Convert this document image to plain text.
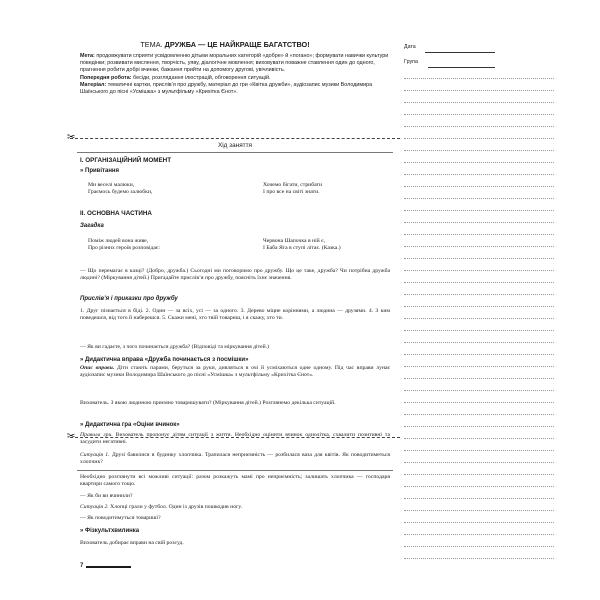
ТЕМА. ДРУЖБА — ЦЕ НАЙКРАЩЕ БАГАТСТВО!

Мета: продовжувати сприяти усвідомленню дітьми моральних категорій «добре» й «погано»; формувати навички культури поведінки; розвивати мислення, творчість, уяву, діалогічне мовлення; виховувати поважне ставлення один до одного, прагнення робити добрі вчинки, бажання прийти на допомогу другові, увічливість.

Попередня робота: бесіди, розглядання ілюстрацій, обговорення ситуацій.

Матеріал: тематичні картки, прислів’я про дружбу, матеріал до гри «Квітка дружби», аудіозапис музики Володимира Шаїнського до пісні «Усмішка» з мультфільму «Крихітка Єнот».

✂
✂
Дата
Група
Хід заняття
І. ОРГАНІЗАЦІЙНИЙ МОМЕНТ
» Привітання
Ми веселі малюки,
Граємось будемо залюбки,
Хочемо бігати, стрибати
І про все на світі знати.
ІІ. ОСНОВНА ЧАСТИНА
Загадка
Поміж людей вона живе,
Про різних героїв розповідає:
Червона Шапочка в ній є,
І Баба Яга в ступі літає. (Казка.)
— Що перемагає в казці? (Добро, дружба.) Сьогодні ми поговоримо про дружбу. Що це таке, дружба? Чи потрібна дружба людині? (Міркування дітей.) Пригадайте прислів’я про дружбу, поясніть їхнє значення.
Прислів’я і приказки про дружбу
1. Друг пізнається в біді. 2. Один — за всіх, усі — за одного. 3. Дерево міцне коріннями, а людина — друзями. 4. З ким поведешся, від того й наберешся. 5. Скажи мені, хто твій товариш, і я скажу, хто ти.
— Як ви гадаєте, з чого починається дружба? (Відповіді та міркування дітей.)
» Дидактична вправа «Дружба починається з посмішки»
Опис вправи. Діти стають парами, беруться за руки, дивляться в очі й усміхаються одне одному. Під час вправи лунає аудіозапис музики Володимира Шаїнського до пісні «Усмішка» з мультфільму «Крихітка Єнот».
Вихователь. З якою людиною приємно товаришувати? (Міркування дітей.) Розглянемо декілька ситуацій.
» Дидактична гра «Оціни вчинок»
Правила гри. Вихователь пропонує дітям ситуації з життя. Необхідно оцінити вчинок однолітка, схвалити позитивні та засудити негативні.
Ситуація 1. Друзі бавилися в будинку хлопчика. Трапилася неприємність — розбилася ваза для квітів. Як поводитиметься хлопчик?
Необхідно розглянути всі можливі ситуації: разом розкажуть мамі про неприємність; залишать хлопчика — господаря квартири самого тощо.
— Як би ви вчинили?
Ситуація 2. Хлопці грали у футбол. Один із друзів пошкодив ногу.
— Як поводитимуться товариші?
» Фізкультхвилинка
Вихователь добирає вправи на свій розсуд.
7
